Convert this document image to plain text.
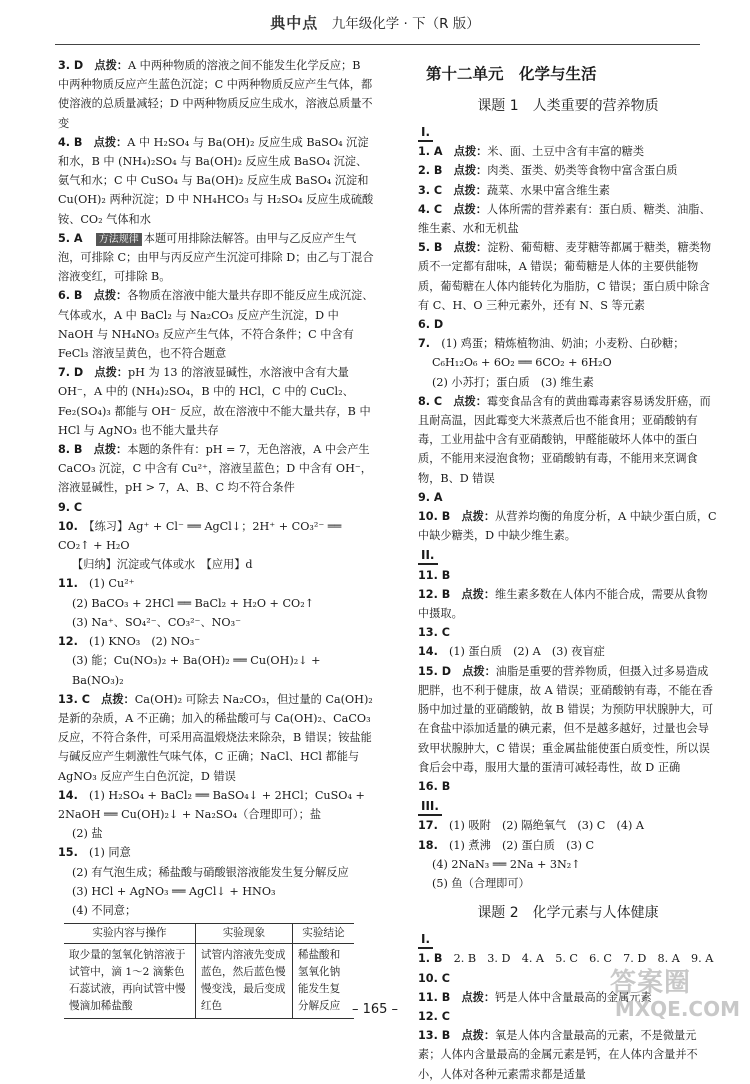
典中点 九年级化学 · 下（R 版）

3. D　 点拨：A 中两种物质的溶液之间不能发生化学反应；B 中两种物质反应产生蓝色沉淀；C 中两种物质反应产生气体，都使溶液的总质量减轻；D 中两种物质反应生成水，溶液总质量不变

4. B　 点拨：A 中 H₂SO₄ 与 Ba(OH)₂ 反应生成 BaSO₄ 沉淀和水，B 中 (NH₄)₂SO₄ 与 Ba(OH)₂ 反应生成 BaSO₄ 沉淀、氨气和水；C 中 CuSO₄ 与 Ba(OH)₂ 反应生成 BaSO₄ 沉淀和 Cu(OH)₂ 两种沉淀；D 中 NH₄HCO₃ 与 H₂SO₄ 反应生成硫酸铵、CO₂ 气体和水

5. A　 方法规律 本题可用排除法解答。由甲与乙反应产生气泡，可排除 C；由甲与丙反应产生沉淀可排除 D；由乙与丁混合溶液变红，可排除 B。

6. B　 点拨：各物质在溶液中能大量共存即不能反应生成沉淀、气体或水，A 中 BaCl₂ 与 Na₂CO₃ 反应产生沉淀，D 中 NaOH 与 NH₄NO₃ 反应产生气体，不符合条件；C 中含有 FeCl₃ 溶液呈黄色，也不符合题意

7. D　 点拨：pH 为 13 的溶液显碱性，水溶液中含有大量 OH⁻，A 中的 (NH₄)₂SO₄，B 中的 HCl，C 中的 CuCl₂、Fe₂(SO₄)₃ 都能与 OH⁻ 反应，故在溶液中不能大量共存，B 中 HCl 与 AgNO₃ 也不能大量共存

8. B　 点拨：本题的条件有：pH = 7，无色溶液，A 中会产生 CaCO₃ 沉淀，C 中含有 Cu²⁺，溶液呈蓝色；D 中含有 OH⁻，溶液显碱性，pH > 7，A、B、C 均不符合条件

9. C　

10.　 【练习】Ag⁺ + Cl⁻ ══ AgCl↓；2H⁺ + CO₃²⁻ ══ CO₂↑ + H₂O

【归纳】沉淀或气体或水　【应用】d

11.　 (1) Cu²⁺

(2) BaCO₃ + 2HCl ══ BaCl₂ + H₂O + CO₂↑

(3) Na⁺、SO₄²⁻、CO₃²⁻、NO₃⁻

12.　 (1) KNO₃　(2) NO₃⁻

(3) 能；Cu(NO₃)₂ + Ba(OH)₂ ══ Cu(OH)₂↓ + Ba(NO₃)₂

13. C　 点拨：Ca(OH)₂ 可除去 Na₂CO₃，但过量的 Ca(OH)₂ 是新的杂质，A 不正确；加入的稀盐酸可与 Ca(OH)₂、CaCO₃ 反应，不符合条件，可采用高温煅烧法来除杂，B 错误；铵盐能与碱反应产生刺激性气味气体，C 正确；NaCl、HCl 都能与 AgNO₃ 反应产生白色沉淀，D 错误

14.　 (1) H₂SO₄ + BaCl₂ ══ BaSO₄↓ + 2HCl；CuSO₄ + 2NaOH ══ Cu(OH)₂↓ + Na₂SO₄（合理即可）；盐

(2) 盐

15.　 (1) 同意

(2) 有气泡生成；稀盐酸与硝酸银溶液能发生复分解反应

(3) HCl + AgNO₃ ══ AgCl↓ + HNO₃

(4) 不同意；

实验内容与操作	实验现象	实验结论
取少量的氢氧化钠溶液于试管中，滴 1～2 滴紫色石蕊试液，再向试管中慢慢滴加稀盐酸	试管内溶液先变成蓝色，然后蓝色慢慢变浅，最后变成红色	稀盐酸和氢氧化钠能发生复分解反应
第十二单元　化学与生活
课题 1　人类重要的营养物质
I.

1. A　 点拨：米、面、土豆中含有丰富的糖类

2. B　 点拨：肉类、蛋类、奶类等食物中富含蛋白质

3. C　 点拨：蔬菜、水果中富含维生素

4. C　 点拨：人体所需的营养素有：蛋白质、糖类、油脂、维生素、水和无机盐

5. B　 点拨：淀粉、葡萄糖、麦芽糖等都属于糖类，糖类物质不一定都有甜味，A 错误；葡萄糖是人体的主要供能物质，葡萄糖在人体内能转化为脂肪，C 错误；蛋白质中除含有 C、H、O 三种元素外，还有 N、S 等元素

6. D　

7.　 (1) 鸡蛋；精炼植物油、奶油；小麦粉、白砂糖；

C₆H₁₂O₆ + 6O₂ ══ 6CO₂ + 6H₂O

(2) 小苏打；蛋白质　(3) 维生素

8. C　 点拨：霉变食品含有的黄曲霉毒素容易诱发肝癌，而且耐高温，因此霉变大米蒸煮后也不能食用；亚硝酸钠有毒，工业用盐中含有亚硝酸钠，甲醛能破坏人体中的蛋白质，不能用来浸泡食物；亚硝酸钠有毒，不能用来烹调食物，B、D 错误

9. A　

10. B　 点拨：从营养均衡的角度分析，A 中缺少蛋白质，C 中缺少糖类，D 中缺少维生素。

II.

11. B　

12. B　 点拨：维生素多数在人体内不能合成，需要从食物中摄取。

13. C　

14.　 (1) 蛋白质　(2) A　(3) 夜盲症

15. D　 点拨：油脂是重要的营养物质，但摄入过多易造成肥胖，也不利于健康，故 A 错误；亚硝酸钠有毒，不能在香肠中加过量的亚硝酸钠，故 B 错误；为预防甲状腺肿大，可在食盐中添加适量的碘元素，但不是越多越好，过量也会导致甲状腺肿大，C 错误；重金属盐能使蛋白质变性，所以误食后会中毒，服用大量的蛋清可减轻毒性，故 D 正确

16. B　

III.

17.　 (1) 吸附　(2) 隔绝氧气　(3) C　(4) A

18.　 (1) 煮沸　(2) 蛋白质　(3) C

(4) 2NaN₃ ══ 2Na + 3N₂↑

(5) 鱼（合理即可）

课题 2　化学元素与人体健康
I.

1. B　 2. B　3. D　4. A　5. C　6. C　7. D　8. A　9. A

10. C　

11. B　 点拨：钙是人体中含量最高的金属元素

12. C　

13. B　 点拨：氧是人体内含量最高的元素，不是微量元素；人体内含量最高的金属元素是钙，在人体内含量并不小，人体对各种元素需求都是适量

– 165 –
答案圈
MXQE.COM
